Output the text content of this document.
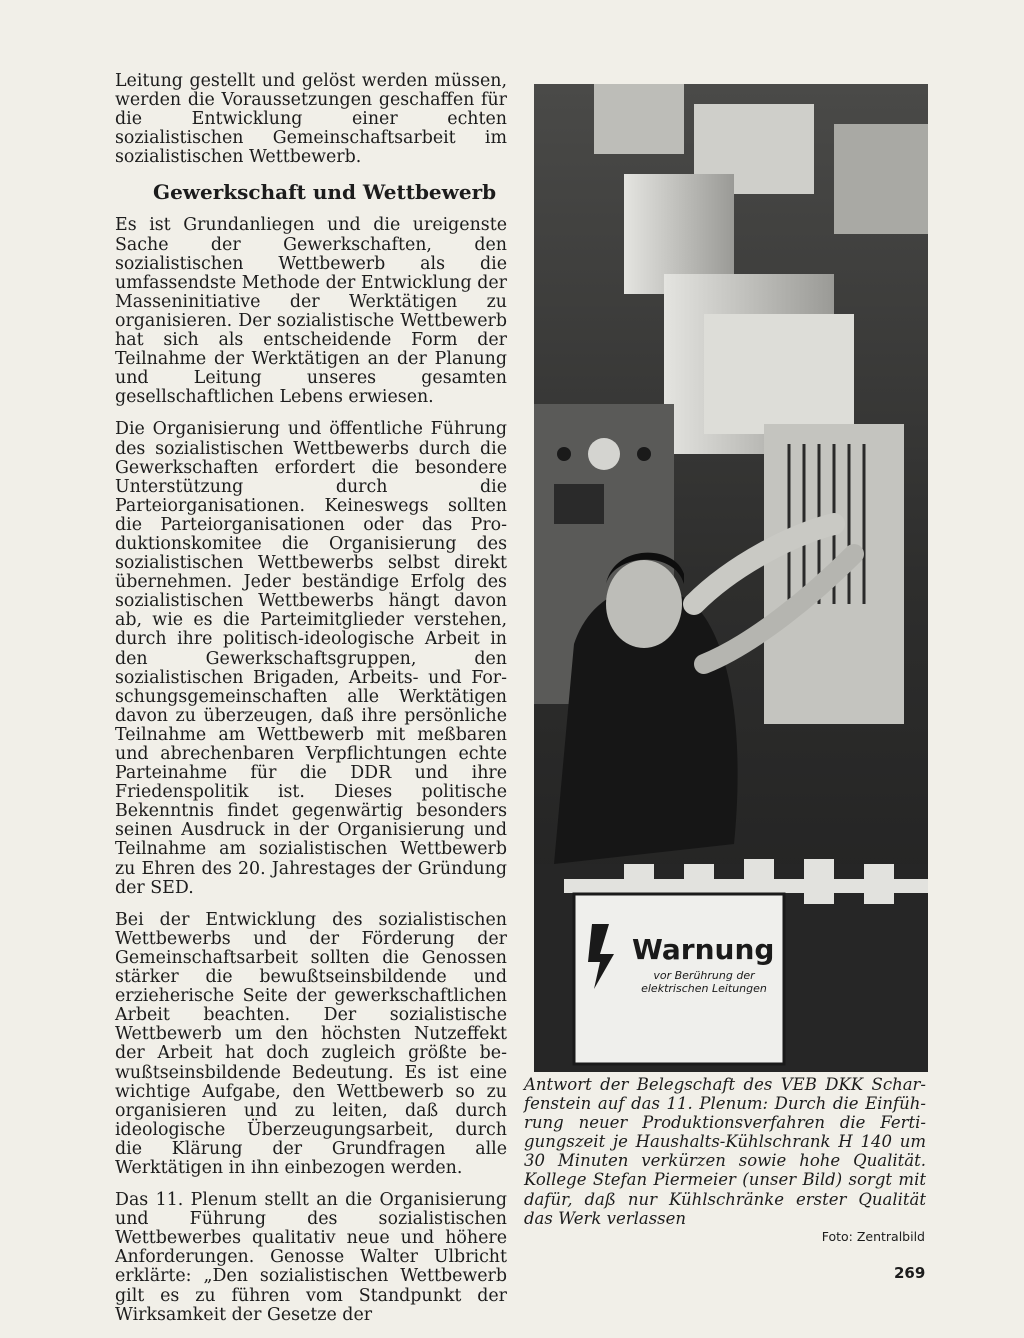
Leitung gestellt und gelöst werden müssen, werden die Voraussetzungen geschaffen für die Entwicklung einer echten sozialistischen Gemeinschaftsarbeit im sozialistischen Wettbewerb.

Gewerkschaft und Wettbewerb

Es ist Grundanliegen und die ureigenste Sache der Gewerkschaften, den sozialistischen Wettbewerb als die umfassendste Methode der Entwicklung der Masseninitiative der Werktätigen zu organisieren. Der sozialistische Wettbewerb hat sich als entscheidende Form der Teilnahme der Werktätigen an der Planung und Leitung unseres gesamten gesellschaftlichen Lebens erwiesen.

Die Organisierung und öffentliche Führung des sozialistischen Wettbewerbs durch die Gewerkschaften erfordert die besondere Unterstützung durch die Parteiorganisationen. Keineswegs sollten die Parteiorganisationen oder das Produktionskomitee die Organisierung des sozialistischen Wettbewerbs selbst direkt übernehmen. Jeder beständige Erfolg des sozialistischen Wettbewerbs hängt davon ab, wie es die Parteimitglieder verstehen, durch ihre politisch-ideologische Arbeit in den Gewerkschaftsgruppen, den sozialistischen Brigaden, Arbeits- und Forschungsgemeinschaften alle Werktätigen davon zu überzeugen, daß ihre persönliche Teilnahme am Wettbewerb mit meßbaren und abrechenbaren Verpflichtungen echte Parteinahme für die DDR und ihre Friedenspolitik ist. Dieses politische Bekenntnis findet gegenwärtig besonders seinen Ausdruck in der Organisierung und Teilnahme am sozialistischen Wettbewerb zu Ehren des 20. Jahrestages der Gründung der SED.

Bei der Entwicklung des sozialistischen Wettbewerbs und der Förderung der Gemeinschaftsarbeit sollten die Genossen stärker die bewußtseinsbildende und erzieherische Seite der gewerkschaftlichen Arbeit beachten. Der sozialistische Wettbewerb um den höchsten Nutzeffekt der Arbeit hat doch zugleich größte bewußtseinsbildende Bedeutung. Es ist eine wichtige Aufgabe, den Wettbewerb so zu organisieren und zu leiten, daß durch ideologische Überzeugungsarbeit, durch die Klärung der Grundfragen alle Werktätigen in ihn einbezogen werden.

Das 11. Plenum stellt an die Organisierung und Führung des sozialistischen Wettbewerbes qualitativ neue und höhere Anforderungen. Genosse Walter Ulbricht erklärte: „Den sozialistischen Wettbewerb gilt es zu führen vom Standpunkt der Wirksamkeit der Gesetze der

Warnung
vor Berührung der elektrischen Leitungen
Antwort der Belegschaft des VEB DKK Scharfenstein auf das 11. Plenum: Durch die Einführung neuer Produktionsverfahren die Fertigungszeit je Haushalts-Kühlschrank H 140 um 30 Minuten verkürzen sowie hohe Qualität. Kollege Stefan Piermeier (unser Bild) sorgt mit dafür, daß nur Kühlschränke erster Qualität das Werk verlassen
Foto: Zentralbild
269
